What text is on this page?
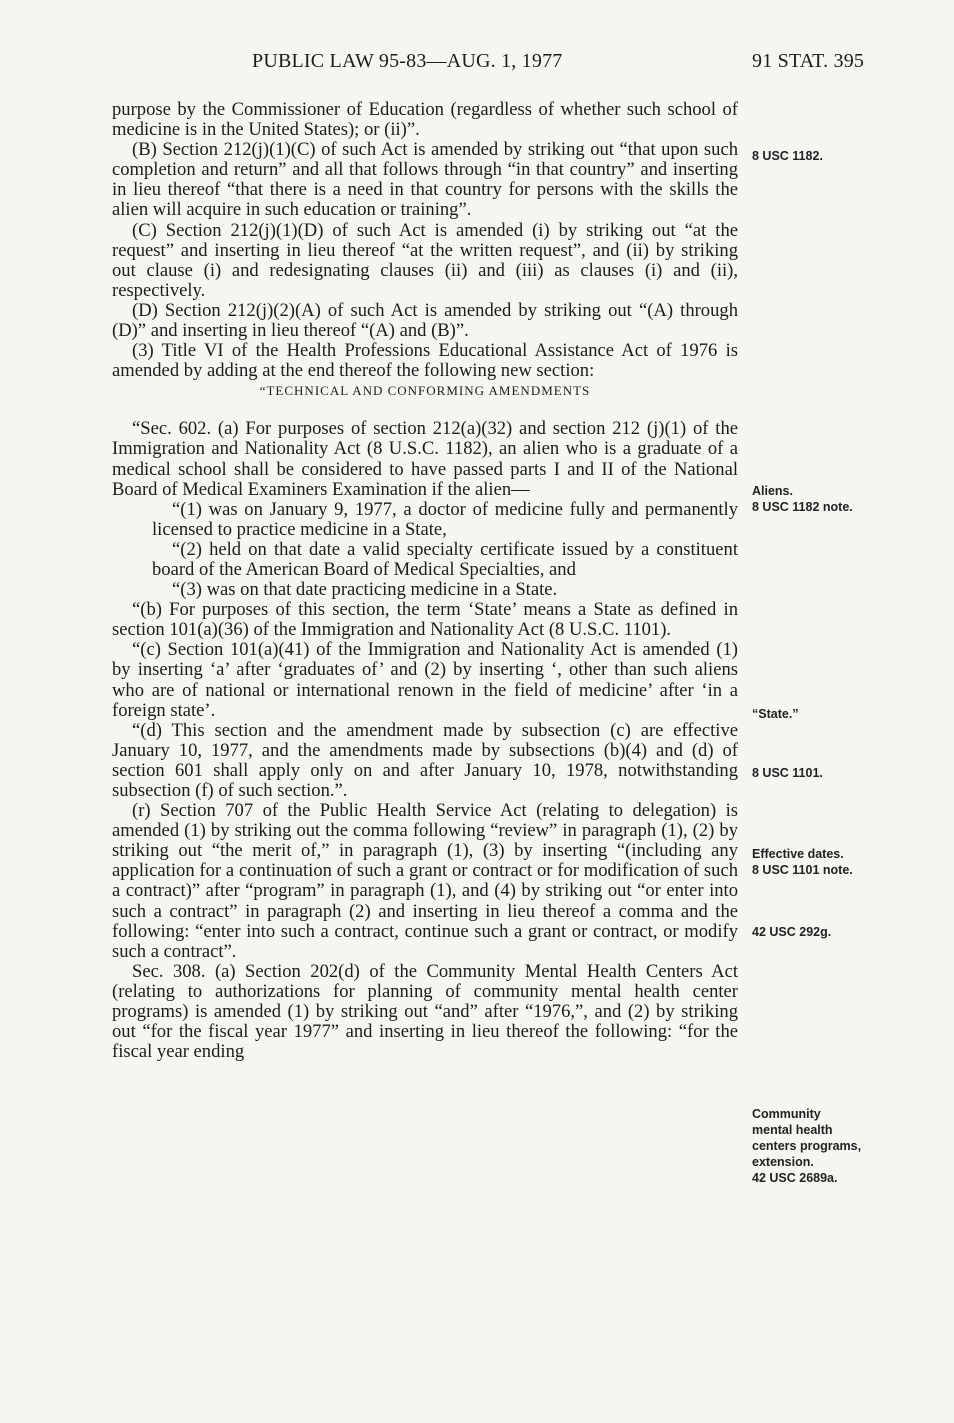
PUBLIC LAW 95-83—AUG. 1, 1977	91 STAT. 395

purpose by the Commissioner of Education (regardless of whether such school of medicine is in the United States); or (ii)”.

(B) Section 212(j)(1)(C) of such Act is amended by striking out “that upon such completion and return” and all that follows through “in that country” and inserting in lieu thereof “that there is a need in that country for persons with the skills the alien will acquire in such education or training”.

(C) Section 212(j)(1)(D) of such Act is amended (i) by striking out “at the request” and inserting in lieu thereof “at the written request”, and (ii) by striking out clause (i) and redesignating clauses (ii) and (iii) as clauses (i) and (ii), respectively.

(D) Section 212(j)(2)(A) of such Act is amended by striking out “(A) through (D)” and inserting in lieu thereof “(A) and (B)”.

(3) Title VI of the Health Professions Educational Assistance Act of 1976 is amended by adding at the end thereof the following new section:

“TECHNICAL AND CONFORMING AMENDMENTS

“Sec. 602. (a) For purposes of section 212(a)(32) and section 212 (j)(1) of the Immigration and Nationality Act (8 U.S.C. 1182), an alien who is a graduate of a medical school shall be considered to have passed parts I and II of the National Board of Medical Examiners Examination if the alien—

“(1) was on January 9, 1977, a doctor of medicine fully and permanently licensed to practice medicine in a State,

“(2) held on that date a valid specialty certificate issued by a constituent board of the American Board of Medical Specialties, and

“(3) was on that date practicing medicine in a State.

“(b) For purposes of this section, the term ‘State’ means a State as defined in section 101(a)(36) of the Immigration and Nationality Act (8 U.S.C. 1101).

“(c) Section 101(a)(41) of the Immigration and Nationality Act is amended (1) by inserting ‘a’ after ‘graduates of’ and (2) by inserting ‘, other than such aliens who are of national or international renown in the field of medicine’ after ‘in a foreign state’.

“(d) This section and the amendment made by subsection (c) are effective January 10, 1977, and the amendments made by subsections (b)(4) and (d) of section 601 shall apply only on and after January 10, 1978, notwithstanding subsection (f) of such section.”.

(r) Section 707 of the Public Health Service Act (relating to delegation) is amended (1) by striking out the comma following “review” in paragraph (1), (2) by striking out “the merit of,” in paragraph (1), (3) by inserting “(including any application for a continuation of such a grant or contract or for modification of such a contract)” after “program” in paragraph (1), and (4) by striking out “or enter into such a contract” in paragraph (2) and inserting in lieu thereof a comma and the following: “enter into such a contract, continue such a grant or contract, or modify such a contract”.

Sec. 308. (a) Section 202(d) of the Community Mental Health Centers Act (relating to authorizations for planning of community mental health center programs) is amended (1) by striking out “and” after “1976,”, and (2) by striking out “for the fiscal year 1977” and inserting in lieu thereof the following: “for the fiscal year ending

8 USC 1182.
Aliens.
8 USC 1182 note.
“State.”
8 USC 1101.
Effective dates.
8 USC 1101 note.
42 USC 292g.
Community
mental health
centers programs,
extension.
42 USC 2689a.
